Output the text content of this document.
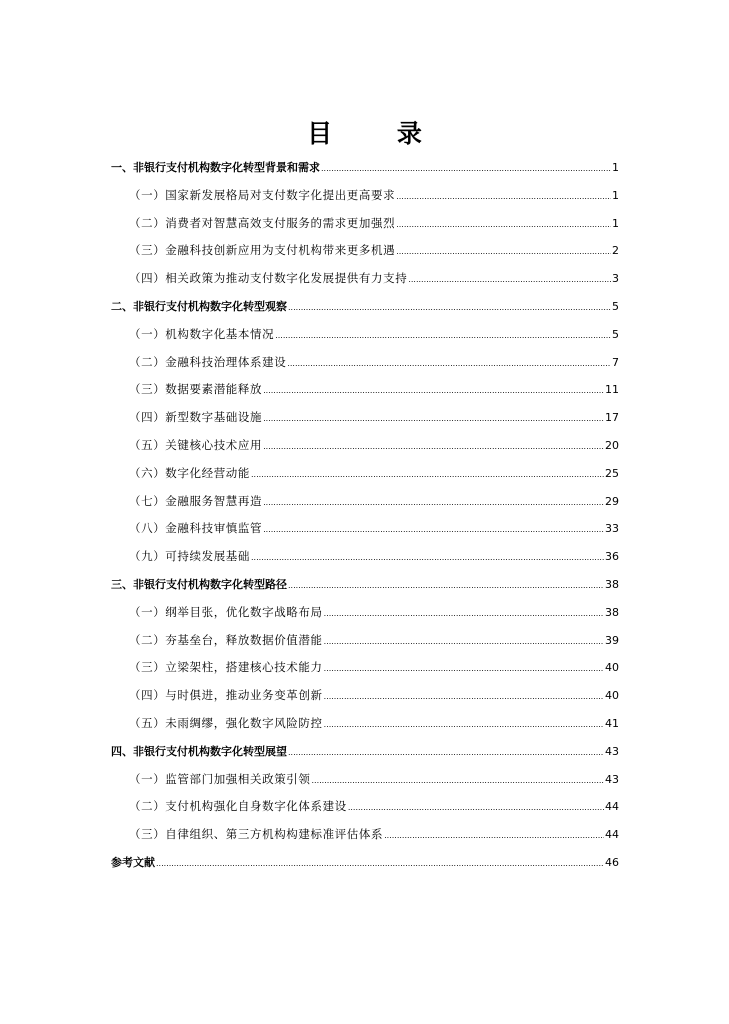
目 录
一、非银行支付机构数字化转型背景和需求 .....	1
（一）国家新发展格局对支付数字化提出更高要求 .....	1
（二）消费者对智慧高效支付服务的需求更加强烈 .....	1
（三）金融科技创新应用为支付机构带来更多机遇 .....	2
（四）相关政策为推动支付数字化发展提供有力支持 .....	3
二、非银行支付机构数字化转型观察 .....	5
（一）机构数字化基本情况 .....	5
（二）金融科技治理体系建设 .....	7
（三）数据要素潜能释放 .....	11
（四）新型数字基础设施 .....	17
（五）关键核心技术应用 .....	20
（六）数字化经营动能 .....	25
（七）金融服务智慧再造 .....	29
（八）金融科技审慎监管 .....	33
（九）可持续发展基础 .....	36
三、非银行支付机构数字化转型路径 .....	38
（一）纲举目张，优化数字战略布局 .....	38
（二）夯基垒台，释放数据价值潜能 .....	39
（三）立梁架柱，搭建核心技术能力 .....	40
（四）与时俱进，推动业务变革创新 .....	40
（五）未雨绸缪，强化数字风险防控 .....	41
四、非银行支付机构数字化转型展望 .....	43
（一）监管部门加强相关政策引领 .....	43
（二）支付机构强化自身数字化体系建设 .....	44
（三）自律组织、第三方机构构建标准评估体系 .....	44
参考文献 .....	46
